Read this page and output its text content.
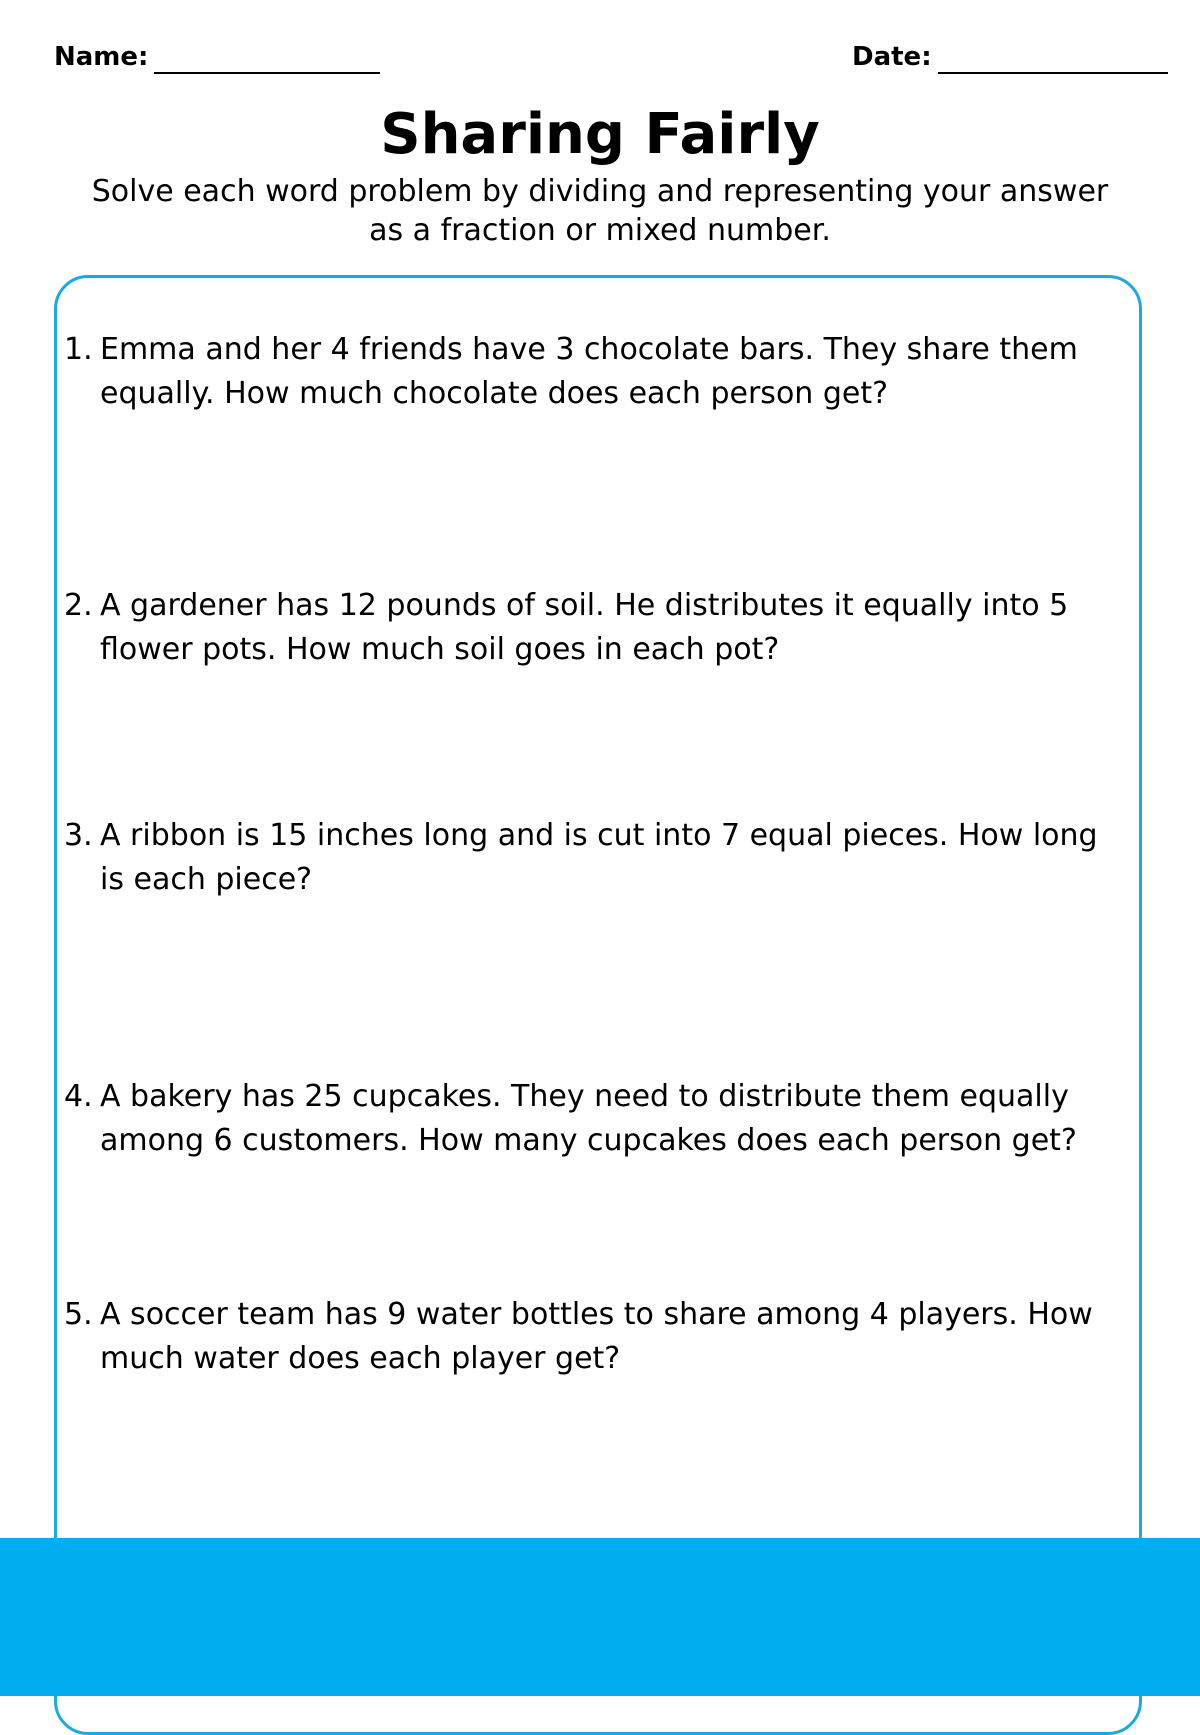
Name:	Date:
Sharing Fairly
Solve each word problem by dividing and representing your answer as a fraction or mixed number.
1. Emma and her 4 friends have 3 chocolate bars. They share them equally. How much chocolate does each person get?
2. A gardener has 12 pounds of soil. He distributes it equally into 5 flower pots. How much soil goes in each pot?
3. A ribbon is 15 inches long and is cut into 7 equal pieces. How long is each piece?
4. A bakery has 25 cupcakes. They need to distribute them equally among 6 customers. How many cupcakes does each person get?
5. A soccer team has 9 water bottles to share among 4 players. How much water does each player get?
